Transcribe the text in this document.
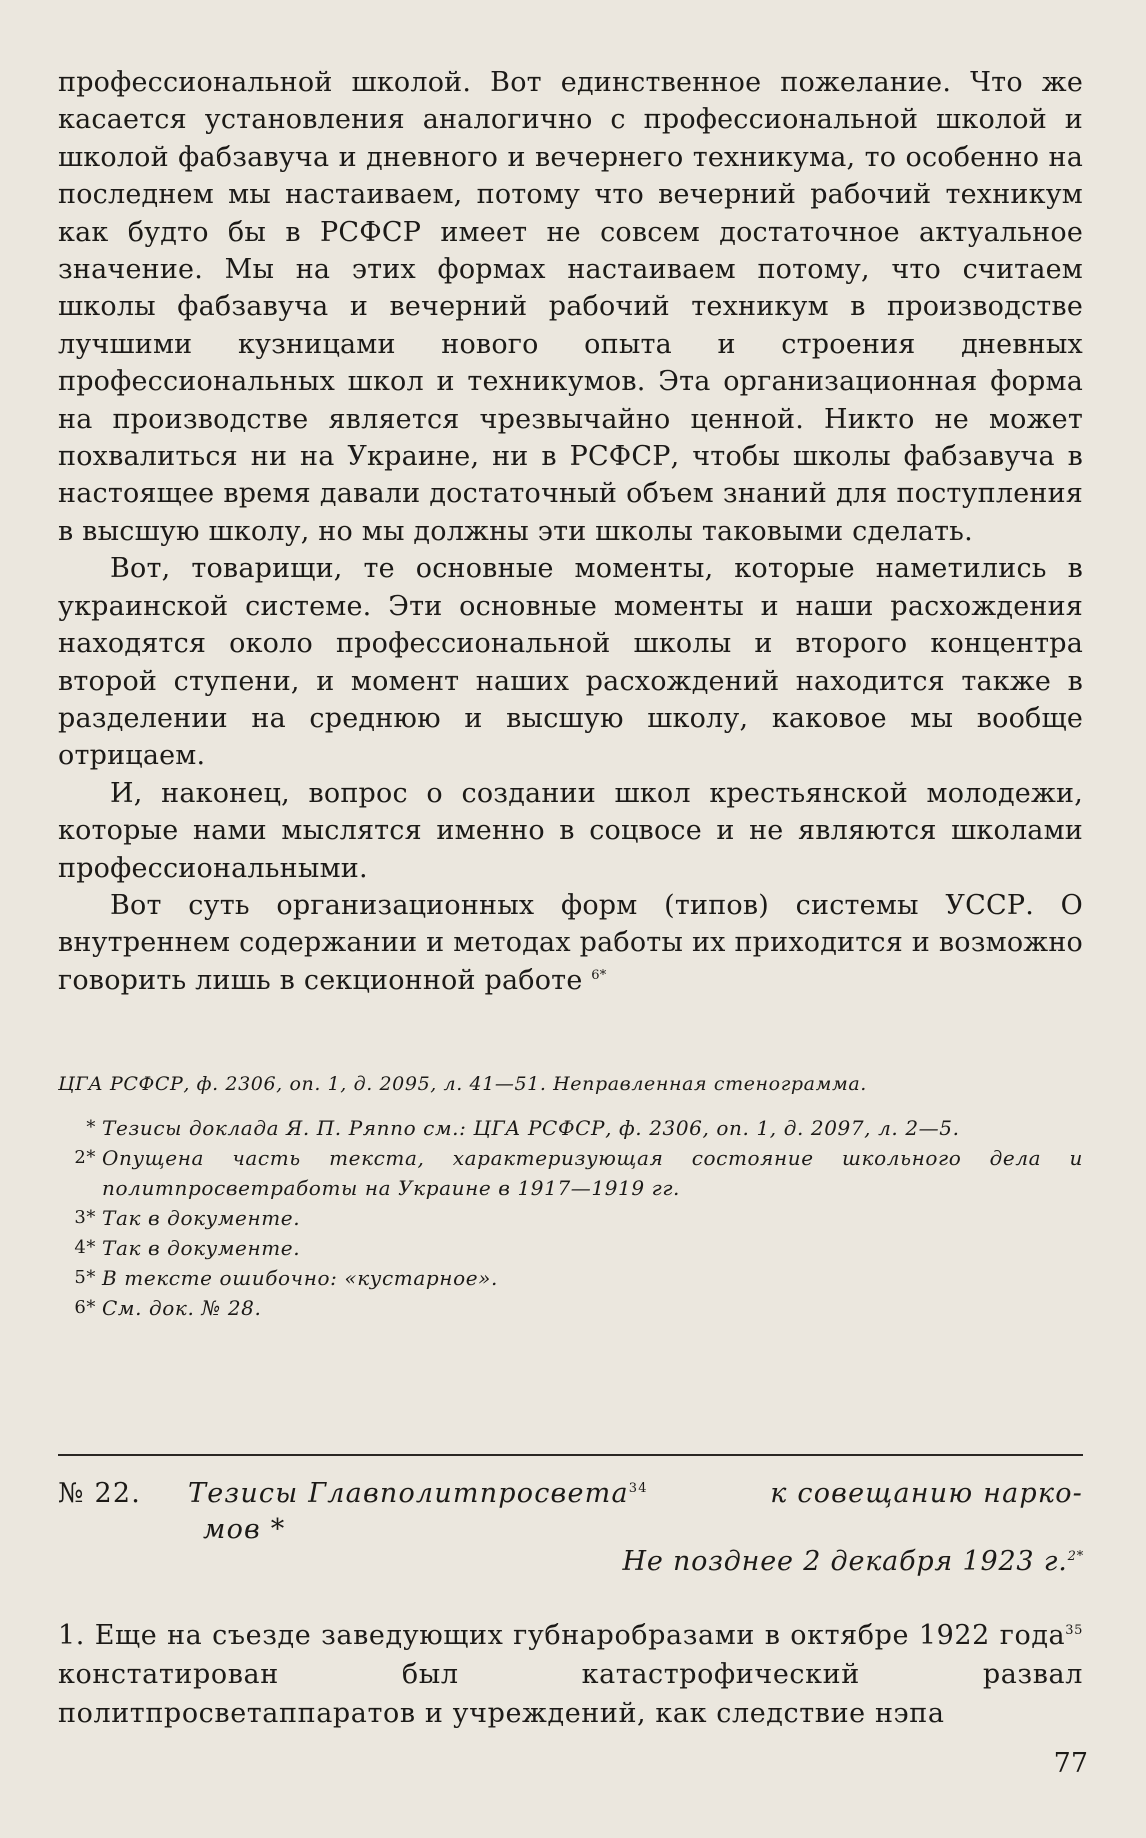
профессиональной школой. Вот единственное пожелание. Что же касается установления аналогично с профессиональной школой и школой фабзавуча и дневного и вечернего техникума, то особенно на последнем мы настаиваем, потому что вечерний рабочий техникум как будто бы в РСФСР имеет не совсем достаточное актуальное значение. Мы на этих формах настаиваем потому, что считаем школы фабзавуча и вечерний рабочий техникум в производстве лучшими кузницами нового опыта и строения дневных профессиональных школ и техникумов. Эта организационная форма на производстве является чрезвычайно ценной. Никто не может похвалиться ни на Украине, ни в РСФСР, чтобы школы фабзавуча в настоящее время давали достаточный объем знаний для поступления в высшую школу, но мы должны эти школы таковыми сделать.

Вот, товарищи, те основные моменты, которые наметились в украинской системе. Эти основные моменты и наши расхождения находятся около профессиональной школы и второго концентра второй ступени, и момент наших расхождений находится также в разделении на среднюю и высшую школу, каковое мы вообще отрицаем.

И, наконец, вопрос о создании школ крестьянской молодежи, которые нами мыслятся именно в соцвосе и не являются школами профессиональными.

Вот суть организационных форм (типов) системы УССР. О внутреннем содержании и методах работы их приходится и возможно говорить лишь в секционной работе $^{6*}$

ЦГА РСФСР, ф. 2306, оп. 1, д. 2095, л. 41—51. Неправленная стенограмма.
* Тезисы доклада Я. П. Ряппо см.: ЦГА РСФСР, ф. 2306, оп. 1, д. 2097, л. 2—5.
2* Опущена часть текста, характеризующая состояние школьного дела и политпросветработы на Украине в 1917—1919 гг.
3* Так в документе.
4* Так в документе.
5* В тексте ошибочно: «кустарное».
6* См. док. № 28.
№ 22. Тезисы Главполитпросвета$^{34}$	к совещанию нарко-
мов *
Не позднее 2 декабря 1923 г.$^{2*}$
1. Еще на съезде заведующих губнаробразами в октябре 1922 года$^{35}$ констатирован был катастрофический развал политпросветаппаратов и учреждений, как следствие нэпа
77
